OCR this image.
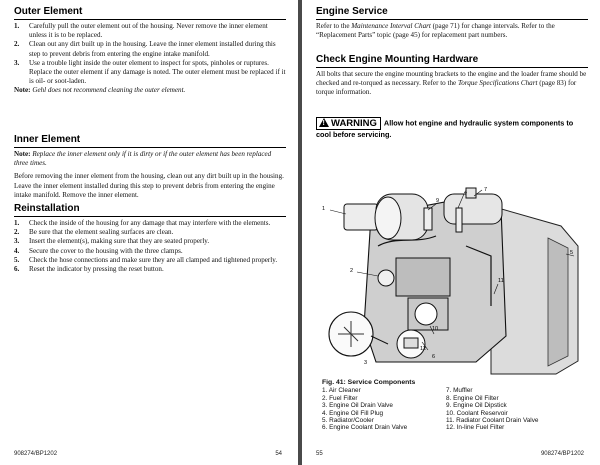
Outer Element
1. Carefully pull the outer element out of the housing. Never remove the inner element unless it is to be replaced.
2. Clean out any dirt built up in the housing. Leave the inner element installed during this step to prevent debris from entering the engine intake manifold.
3. Use a trouble light inside the outer element to inspect for spots, pinholes or ruptures. Replace the outer element if any damage is noted. The outer element must be replaced if it is oil- or soot-laden.
Note: Gehl does not recommend cleaning the outer element.
Inner Element
Note: Replace the inner element only if it is dirty or if the outer element has been replaced three times.
Before removing the inner element from the housing, clean out any dirt built up in the housing. Leave the inner element installed during this step to prevent debris from entering the engine intake manifold. Remove the inner element.
Reinstallation
1. Check the inside of the housing for any damage that may interfere with the elements.
2. Be sure that the element sealing surfaces are clean.
3. Insert the element(s), making sure that they are seated properly.
4. Secure the cover to the housing with the three clamps.
5. Check the hose connections and make sure they are all clamped and tightened properly.
6. Reset the indicator by pressing the reset button.
908274/BP1202	54
Engine Service
Refer to the Maintenance Interval Chart (page 71) for change intervals. Refer to the “Replacement Parts” topic (page 45) for replacement part numbers.
Check Engine Mounting Hardware
All bolts that secure the engine mounting brackets to the engine and the loader frame should be checked and re-torqued as necessary. Refer to the Torque Specifications Chart (page 83) for torque information.
! WARNING Allow hot engine and hydraulic system components to cool before servicing.
1
2
3
4
5
6
7
9
10
11
12
Fig. 41: Service Components
1. Air Cleaner
2. Fuel Filter
3. Engine Oil Drain Valve
4. Engine Oil Fill Plug
5. Radiator/Cooler
6. Engine Coolant Drain Valve
7. Muffler
8. Engine Oil Filter
9. Engine Oil Dipstick
10. Coolant Reservoir
11. Radiator Coolant Drain Valve
12. In-line Fuel Filter
55	908274/BP1202
